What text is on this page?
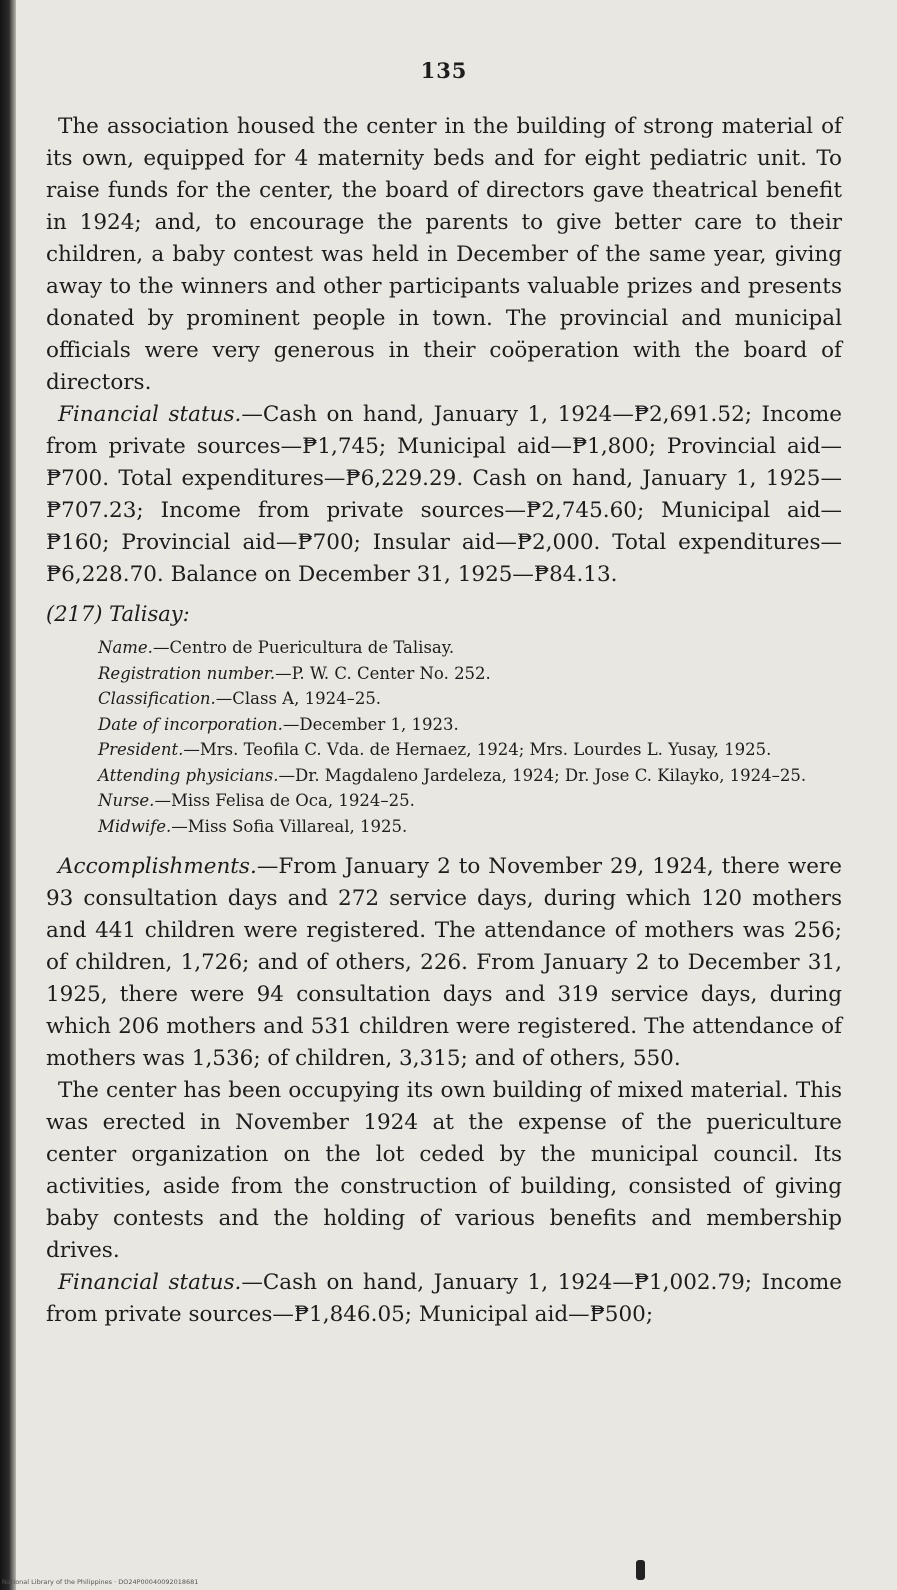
135

The association housed the center in the building of strong material of its own, equipped for 4 maternity beds and for eight pediatric unit. To raise funds for the center, the board of directors gave theatrical benefit in 1924; and, to encourage the parents to give better care to their children, a baby contest was held in December of the same year, giving away to the winners and other participants valuable prizes and presents donated by prominent people in town. The provincial and municipal officials were very generous in their coöperation with the board of directors.

Financial status.—Cash on hand, January 1, 1924—₱2,691.52; Income from private sources—₱1,745; Municipal aid—₱1,800; Provincial aid—₱700. Total expenditures—₱6,229.29. Cash on hand, January 1, 1925—₱707.23; Income from private sources—₱2,745.60; Municipal aid—₱160; Provincial aid—₱700; Insular aid—₱2,000. Total expenditures—₱6,228.70. Balance on December 31, 1925—₱84.13.

(217) Talisay:
Name.—Centro de Puericultura de Talisay.
Registration number.—P. W. C. Center No. 252.
Classification.—Class A, 1924–25.
Date of incorporation.—December 1, 1923.
President.—Mrs. Teofila C. Vda. de Hernaez, 1924; Mrs. Lourdes L. Yusay, 1925.
Attending physicians.—Dr. Magdaleno Jardeleza, 1924; Dr. Jose C. Kilayko, 1924–25.
Nurse.—Miss Felisa de Oca, 1924–25.
Midwife.—Miss Sofia Villareal, 1925.

Accomplishments.—From January 2 to November 29, 1924, there were 93 consultation days and 272 service days, during which 120 mothers and 441 children were registered. The attendance of mothers was 256; of children, 1,726; and of others, 226. From January 2 to December 31, 1925, there were 94 consultation days and 319 service days, during which 206 mothers and 531 children were registered. The attendance of mothers was 1,536; of children, 3,315; and of others, 550.

The center has been occupying its own building of mixed material. This was erected in November 1924 at the expense of the puericulture center organization on the lot ceded by the municipal council. Its activities, aside from the construction of building, consisted of giving baby contests and the holding of various benefits and membership drives.

Financial status.—Cash on hand, January 1, 1924—₱1,002.79; Income from private sources—₱1,846.05; Municipal aid—₱500;

National Library of the Philippines · DO24P00040092018681
